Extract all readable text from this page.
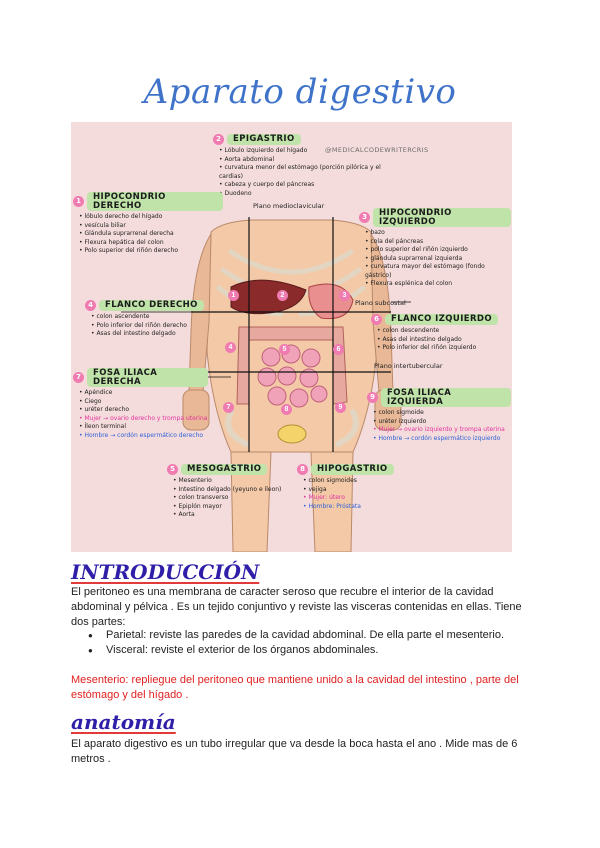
Aparato digestivo
1	2	3
4	5	6
7	8	9
@MEDICALCODEWRITERCRIS
Plano medioclavicular
Plano subcostal
Plano intertubercular
2	EPIGASTRIO
• Lóbulo izquierdo del hígado
• Aorta abdominal
• curvatura menor del estómago (porción pilórica y el cardias)
• cabeza y cuerpo del páncreas
• Duodeno
1	HIPOCONDRIO DERECHO
• lóbulo derecho del hígado
• vesícula biliar
• Glándula suprarrenal derecha
• Flexura hepática del colon
• Polo superior del riñón derecho
3	HIPOCONDRIO IZQUIERDO
• bazo
• cola del páncreas
• polo superior del riñón izquierdo
• glándula suprarrenal izquierda
• curvatura mayor del estómago (fondo gástrico)
• Flexura esplénica del colon
4	FLANCO DERECHO
• colon ascendente
• Polo inferior del riñón derecho
• Asas del intestino delgado
6	FLANCO IZQUIERDO
• colon descendente
• Asas del intestino delgado
• Polo inferior del riñón izquierdo
7	FOSA ILIACA DERECHA
• Apéndice
• Ciego
• uréter derecho
• Mujer → ovario derecho y trompa uterina
• Íleon terminal
• Hombre → cordón espermático derecho
9	FOSA ILIACA IZQUIERDA
• colon sigmoide
• uréter izquierdo
• Mujer → ovario izquierdo y trompa uterina
• Hombre → cordón espermático izquierdo
5	MESOGASTRIO
• Mesenterio
• Intestino delgado (yeyuno e íleon)
• colon transverso
• Epiplón mayor
• Aorta
8	HIPOGASTRIO
• colon sigmoides
• vejiga
• Mujer: útero
• Hombre: Próstata
INTRODUCCIÓN
El peritoneo es una membrana de caracter seroso que recubre el interior de la cavidad abdominal y pélvica . Es un tejido conjuntivo y reviste las visceras contenidas en ellas. Tiene dos partes:
● Parietal: reviste las paredes de la cavidad abdominal. De ella parte el mesenterio.
● Visceral: reviste el exterior de los órganos abdominales.
Mesenterio: repliegue del peritoneo que mantiene unido a la cavidad del intestino , parte del estómago y del hígado .
anatomía
El aparato digestivo es un tubo irregular que va desde la boca hasta el ano . Mide mas de 6 metros .
